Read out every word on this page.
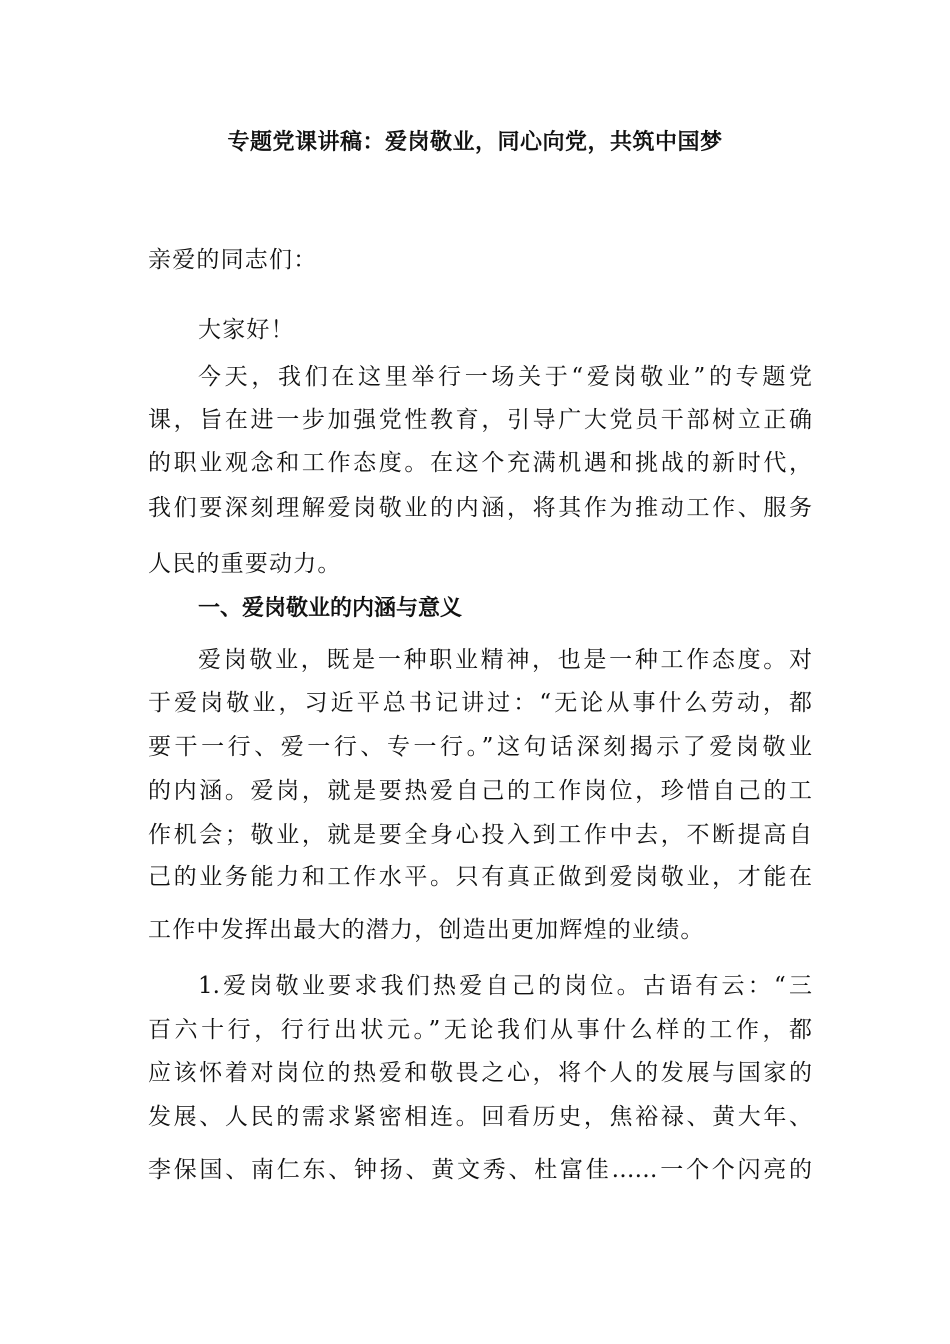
专题党课讲稿：爱岗敬业，同心向党，共筑中国梦

亲爱的同志们：

大家好！

今天，我们在这里举行一场关于“爱岗敬业”的专题党

课，旨在进一步加强党性教育，引导广大党员干部树立正确

的职业观念和工作态度。在这个充满机遇和挑战的新时代，

我们要深刻理解爱岗敬业的内涵，将其作为推动工作、服务

人民的重要动力。

一、爱岗敬业的内涵与意义

爱岗敬业，既是一种职业精神，也是一种工作态度。对

于爱岗敬业，习近平总书记讲过：“无论从事什么劳动，都

要干一行、爱一行、专一行。”这句话深刻揭示了爱岗敬业

的内涵。爱岗，就是要热爱自己的工作岗位，珍惜自己的工

作机会；敬业，就是要全身心投入到工作中去，不断提高自

己的业务能力和工作水平。只有真正做到爱岗敬业，才能在

工作中发挥出最大的潜力，创造出更加辉煌的业绩。

1.爱岗敬业要求我们热爱自己的岗位。古语有云：“三

百六十行，行行出状元。”无论我们从事什么样的工作，都

应该怀着对岗位的热爱和敬畏之心，将个人的发展与国家的

发展、人民的需求紧密相连。回看历史，焦裕禄、黄大年、

李保国、南仁东、钟扬、黄文秀、杜富佳……一个个闪亮的
